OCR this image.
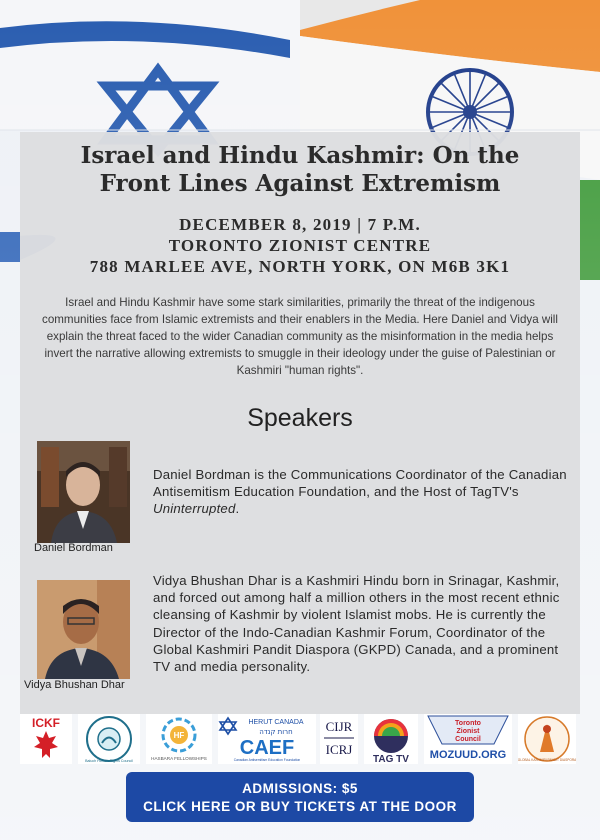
Israel and Hindu Kashmir: On the
Front Lines Against Extremism
DECEMBER 8, 2019 | 7 P.M.
TORONTO ZIONIST CENTRE
788 MARLEE AVE, NORTH YORK, ON M6B 3K1
Israel and Hindu Kashmir have some stark similarities, primarily the threat of the indigenous communities face from Islamic extremists and their enablers in the Media. Here Daniel and Vidya will explain the threat faced to the wider Canadian community as the misinformation in the media helps invert the narrative allowing extremists to smuggle in their ideology under the guise of Palestinian or Kashmiri "human rights".
Speakers
Daniel Bordman
Daniel Bordman is the Communications Coordinator of the Canadian Antisemitism Education Foundation, and the Host of TagTV's Uninterrupted.
Vidya Bhushan Dhar
Vidya Bhushan Dhar is a Kashmiri Hindu born in Srinagar, Kashmir, and forced out among half a million others in the most recent ethnic cleansing of Kashmir by violent Islamist mobs. He is currently the Director of the Indo-Canadian Kashmir Forum, Coordinator of the Global Kashmiri Pandit Diaspora (GKPD) Canada, and a prominent TV and media personality.
ICKF
Baluch Human Rights Council
HF
HASBARA FELLOWSHIPS
HERUT CANADA
חרות קנדה
CAEF
Canadian Antisemitism Education Foundation
CIJR
ICRJ
TAG TV
Toronto
Zionist
Council
MOZUUD.ORG	GLOBAL KASHMIRI PANDIT DIASPORA
ADMISSIONS: $5
CLICK HERE OR BUY TICKETS AT THE DOOR
